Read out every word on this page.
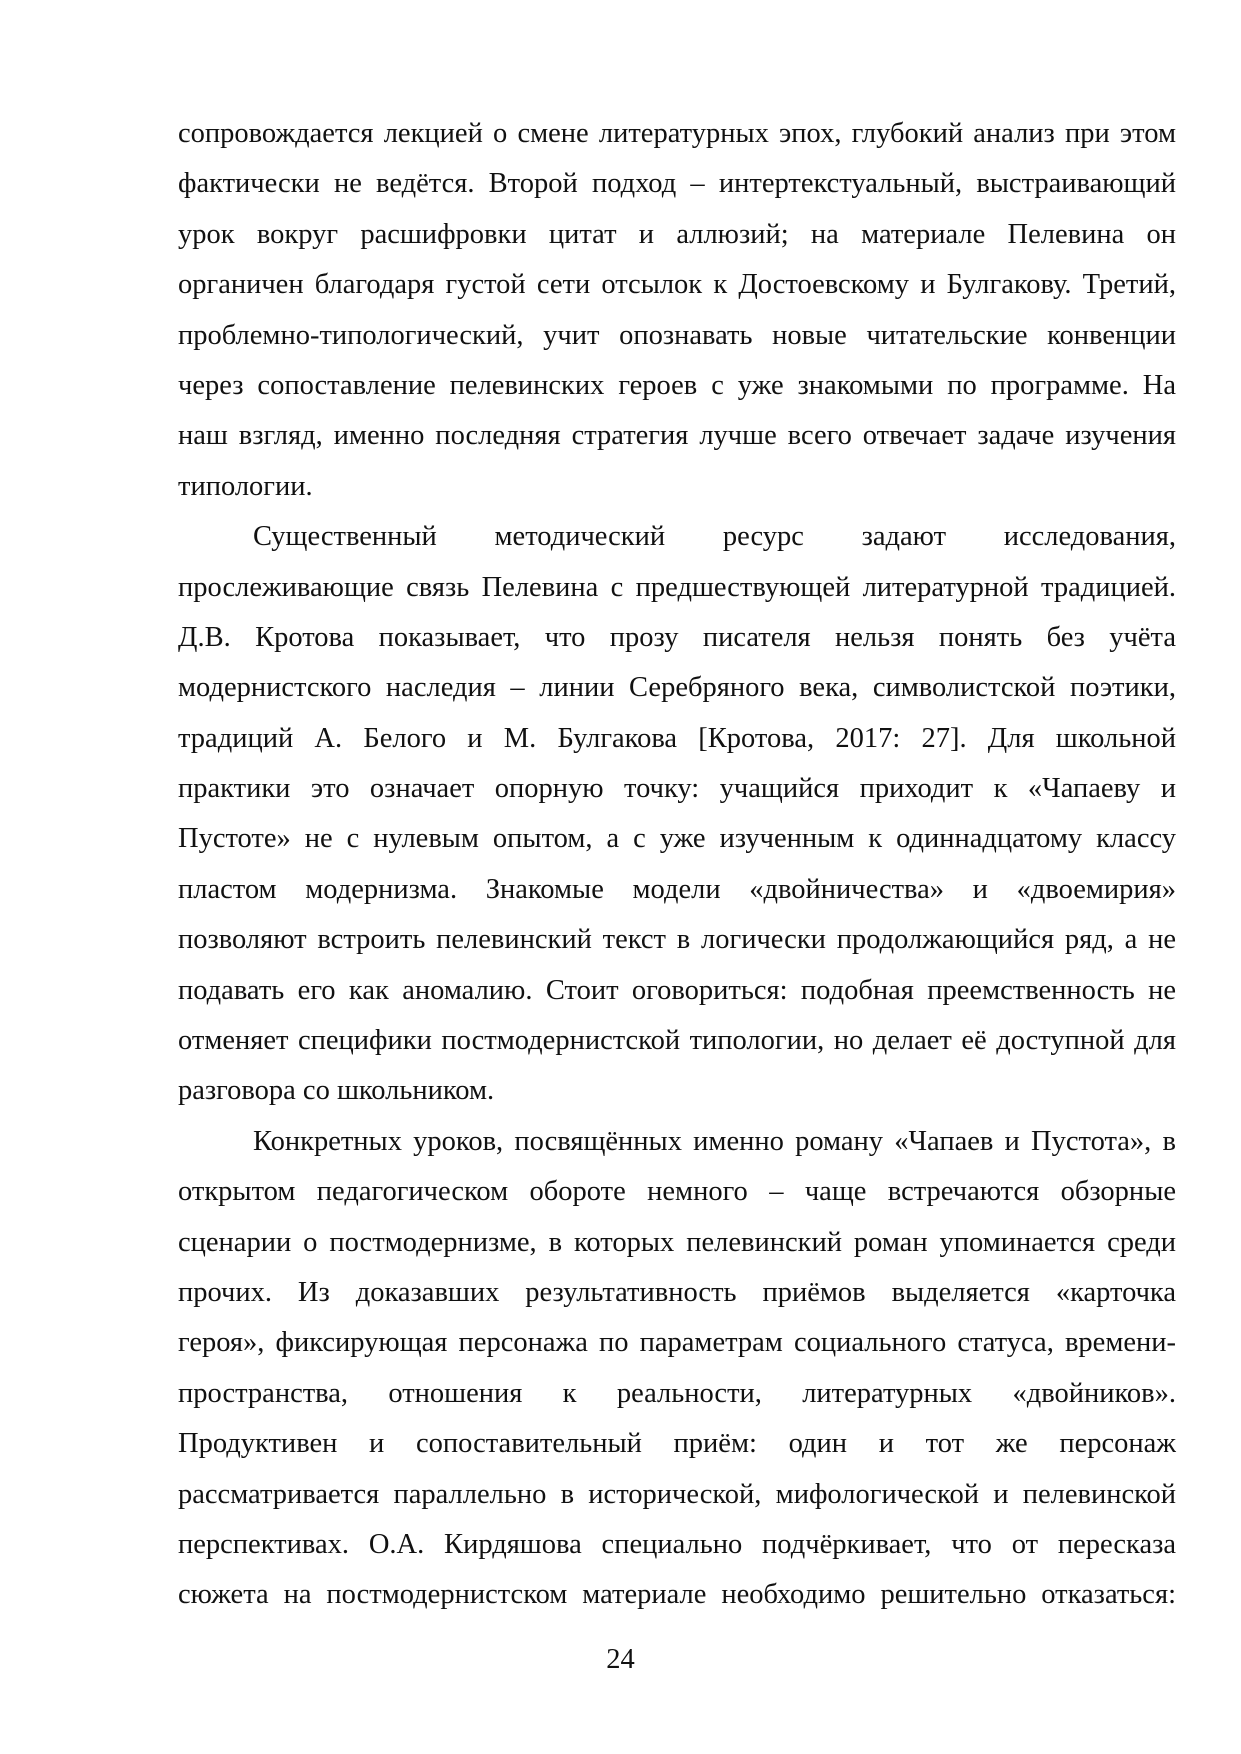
сопровождается лекцией о смене литературных эпох, глубокий анализ при этом
фактически не ведётся. Второй подход – интертекстуальный, выстраивающий
урок вокруг расшифровки цитат и аллюзий; на материале Пелевина он
органичен благодаря густой сети отсылок к Достоевскому и Булгакову. Третий,
проблемно-типологический, учит опознавать новые читательские конвенции
через сопоставление пелевинских героев с уже знакомыми по программе. На
наш взгляд, именно последняя стратегия лучше всего отвечает задаче изучения
типологии.
Существенный методический ресурс задают исследования,
прослеживающие связь Пелевина с предшествующей литературной традицией.
Д.В. Кротова показывает, что прозу писателя нельзя понять без учёта
модернистского наследия – линии Серебряного века, символистской поэтики,
традиций А. Белого и М. Булгакова [Кротова, 2017: 27]. Для школьной
практики это означает опорную точку: учащийся приходит к «Чапаеву и
Пустоте» не с нулевым опытом, а с уже изученным к одиннадцатому классу
пластом модернизма. Знакомые модели «двойничества» и «двоемирия»
позволяют встроить пелевинский текст в логически продолжающийся ряд, а не
подавать его как аномалию. Стоит оговориться: подобная преемственность не
отменяет специфики постмодернистской типологии, но делает её доступной для
разговора со школьником.
Конкретных уроков, посвящённых именно роману «Чапаев и Пустота», в
открытом педагогическом обороте немного – чаще встречаются обзорные
сценарии о постмодернизме, в которых пелевинский роман упоминается среди
прочих. Из доказавших результативность приёмов выделяется «карточка
героя», фиксирующая персонажа по параметрам социального статуса, времени-
пространства, отношения к реальности, литературных «двойников».
Продуктивен и сопоставительный приём: один и тот же персонаж
рассматривается параллельно в исторической, мифологической и пелевинской
перспективах. О.А. Кирдяшова специально подчёркивает, что от пересказа
сюжета на постмодернистском материале необходимо решительно отказаться:
24
